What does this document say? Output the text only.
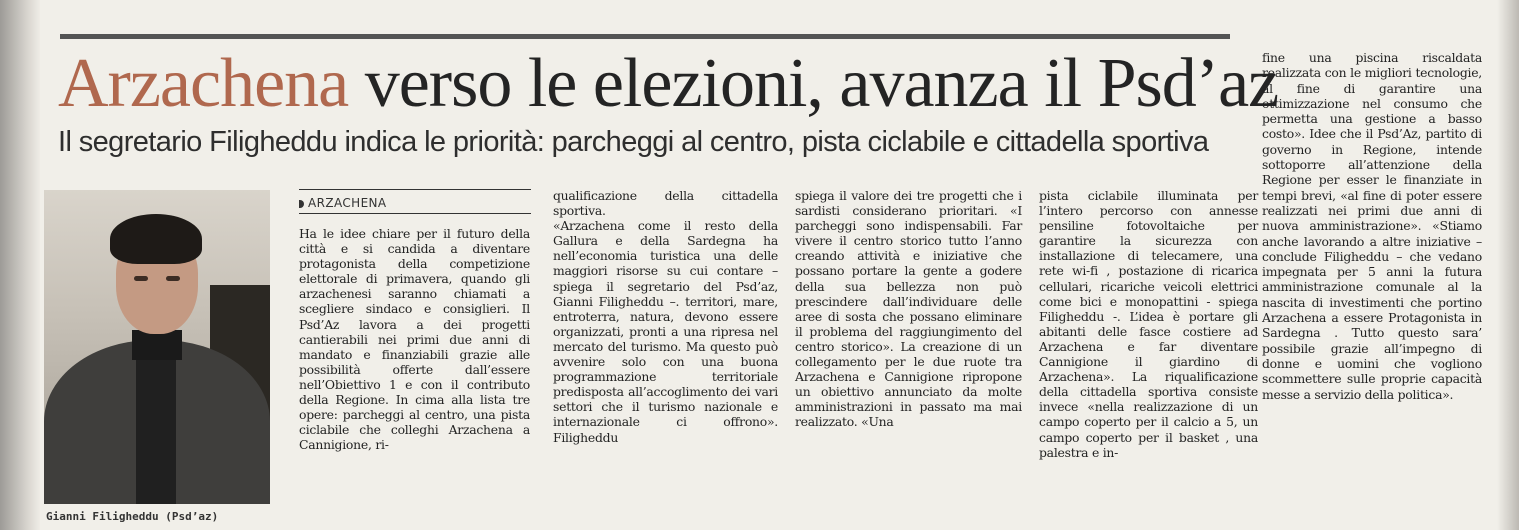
Arzachena verso le elezioni, avanza il Psd’az
Il segretario Filigheddu indica le priorità: parcheggi al centro, pista ciclabile e cittadella sportiva
Gianni Filigheddu (Psd’az)
ARZACHENA
Ha le idee chiare per il futuro della città e si candida a diventare protagonista della competizione elettorale di primavera, quando gli arzachenesi saranno chiamati a scegliere sindaco e consiglieri. Il Psd’Az lavora a dei progetti cantierabili nei primi due anni di mandato e finanziabili grazie alle possibilità offerte dall’essere nell’Obiettivo 1 e con il contributo della Regione. In cima alla lista tre opere: parcheggi al centro, una pista ciclabile che colleghi Arzachena a Cannigione, ri-
qualificazione della cittadella sportiva.
«Arzachena come il resto della Gallura e della Sardegna ha nell’economia turistica una delle maggiori risorse su cui contare – spiega il segretario del Psd’az, Gianni Filigheddu –. territori, mare, entroterra, natura, devono essere organizzati, pronti a una ripresa nel mercato del turismo. Ma questo può avvenire solo con una buona programmazione territoriale predisposta all’accoglimento dei vari settori che il turismo nazionale e internazionale ci offrono». Filigheddu
spiega il valore dei tre progetti che i sardisti considerano prioritari. «I parcheggi sono indispensabili. Far vivere il centro storico tutto l’anno creando attività e iniziative che possano portare la gente a godere della sua bellezza non può prescindere dall’individuare delle aree di sosta che possano eliminare il problema del raggiungimento del centro storico». La creazione di un collegamento per le due ruote tra Arzachena e Cannigione ripropone un obiettivo annunciato da molte amministrazioni in passato ma mai realizzato. «Una
pista ciclabile illuminata per l’intero percorso con annesse pensiline fotovoltaiche per garantire la sicurezza con installazione di telecamere, una rete wi-fi , postazione di ricarica cellulari, ricariche veicoli elettrici come bici e monopattini - spiega Filigheddu -. L’idea è portare gli abitanti delle fasce costiere ad Arzachena e far diventare Cannigione il giardino di Arzachena». La riqualificazione della cittadella sportiva consiste invece «nella realizzazione di un campo coperto per il calcio a 5, un campo coperto per il basket , una palestra e in-
fine una piscina riscaldata realizzata con le migliori tecnologie, al fine di garantire una ottimizzazione nel consumo che permetta una gestione a basso costo». Idee che il Psd’Az, partito di governo in Regione, intende sottoporre all’attenzione della Regione per esser le finanziate in tempi brevi, «al fine di poter essere realizzati nei primi due anni di nuova amministrazione». «Stiamo anche lavorando a altre iniziative – conclude Filigheddu – che vedano impegnata per 5 anni la futura amministrazione comunale al la nascita di investimenti che portino Arzachena a essere Protagonista in Sardegna . Tutto questo sara’ possibile grazie all’impegno di donne e uomini che vogliono scommettere sulle proprie capacità messe a servizio della politica».
